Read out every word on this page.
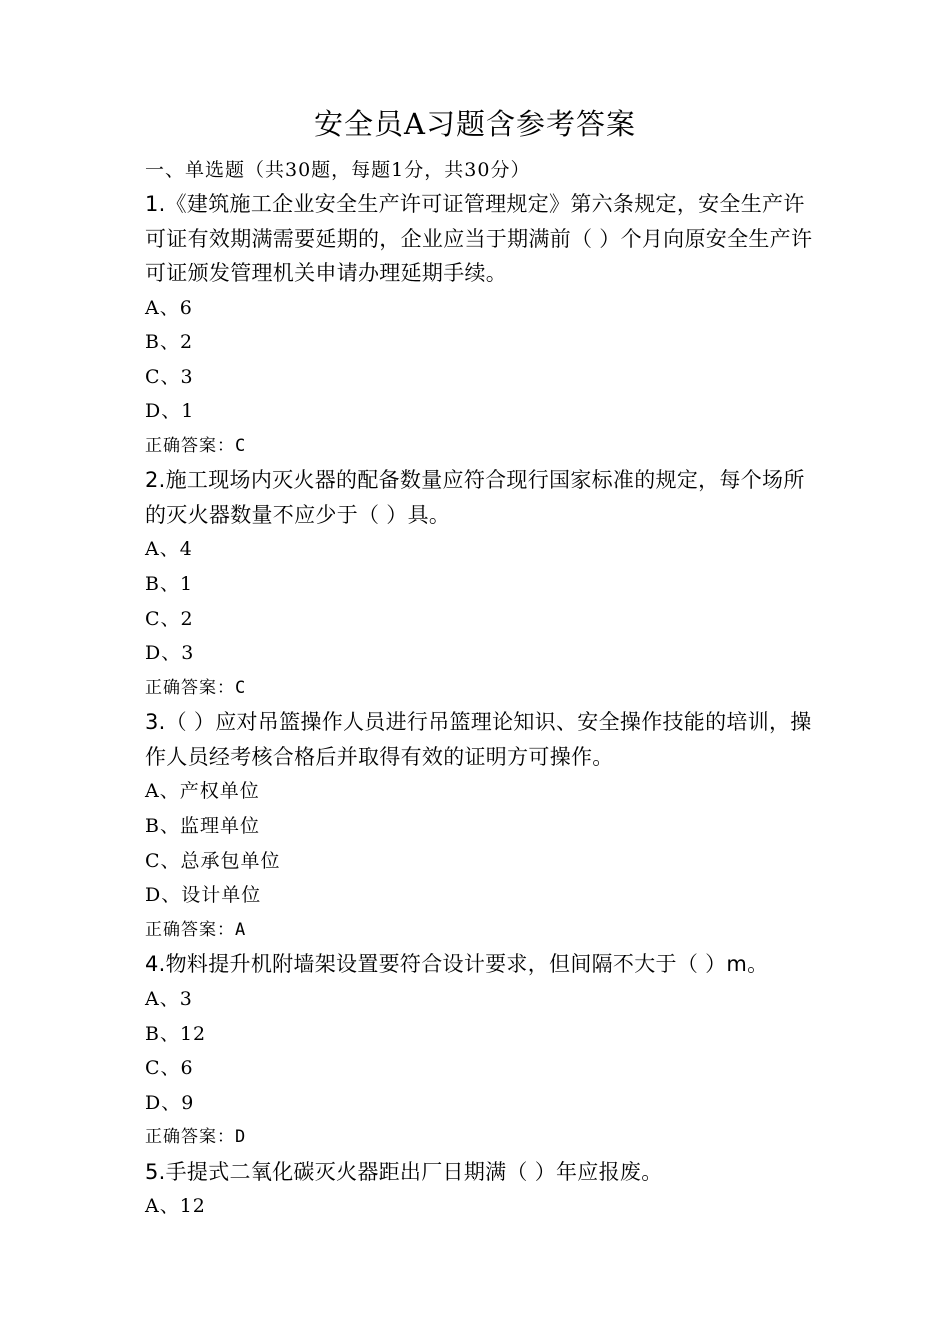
安全员A习题含参考答案
一、单选题（共30题，每题1分，共30分）
1.《建筑施工企业安全生产许可证管理规定》第六条规定，安全生产许可证有效期满需要延期的，企业应当于期满前（ ）个月向原安全生产许可证颁发管理机关申请办理延期手续。
A、6
B、2
C、3
D、1
正确答案：C
2.施工现场内灭火器的配备数量应符合现行国家标准的规定，每个场所的灭火器数量不应少于（ ）具。
A、4
B、1
C、2
D、3
正确答案：C
3.（ ）应对吊篮操作人员进行吊篮理论知识、安全操作技能的培训，操作人员经考核合格后并取得有效的证明方可操作。
A、产权单位
B、监理单位
C、总承包单位
D、设计单位
正确答案：A
4.物料提升机附墙架设置要符合设计要求，但间隔不大于（ ）m。
A、3
B、12
C、6
D、9
正确答案：D
5.手提式二氧化碳灭火器距出厂日期满（ ）年应报废。
A、12
